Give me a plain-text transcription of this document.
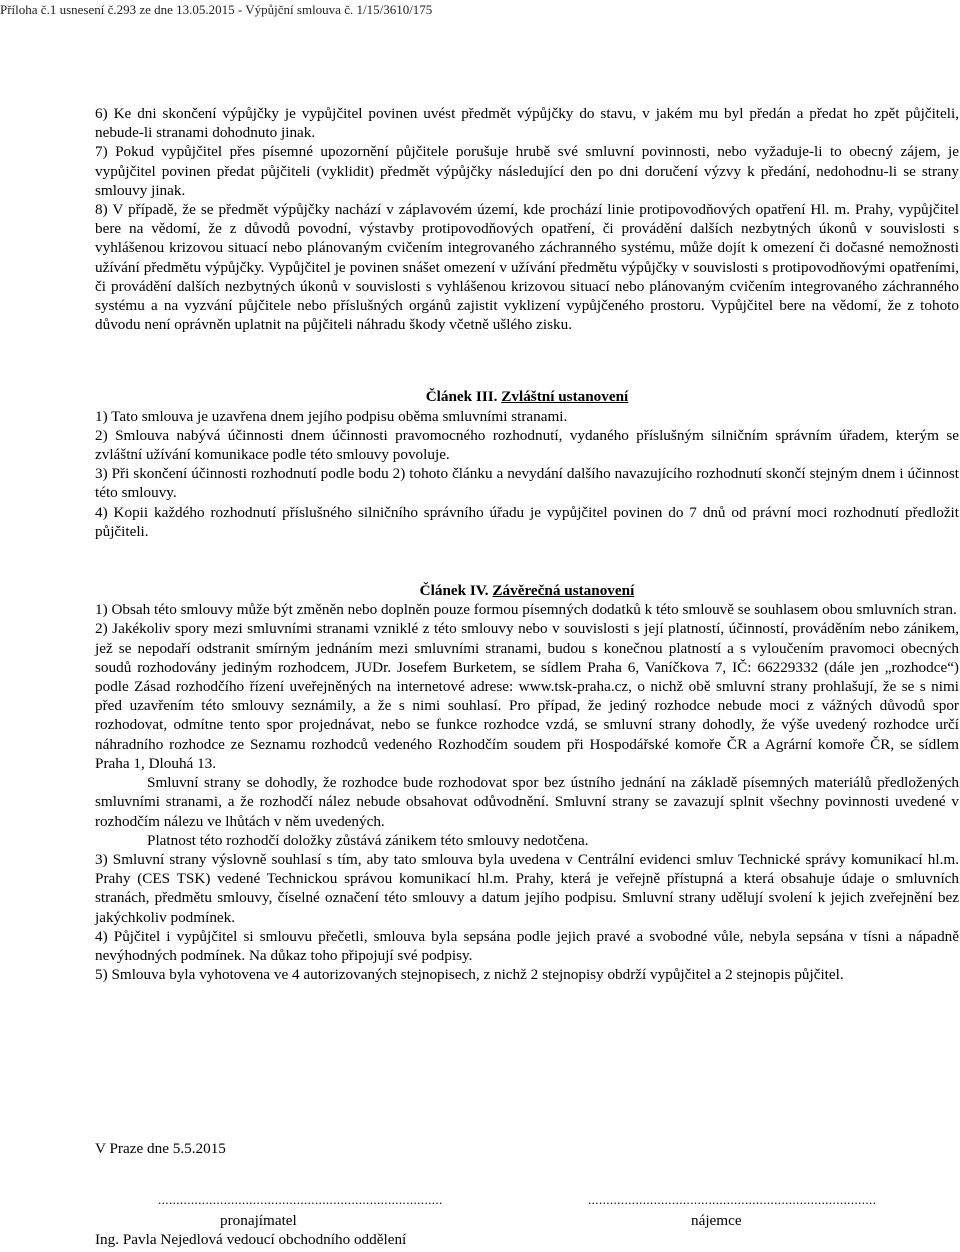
Příloha č.1 usnesení č.293 ze dne 13.05.2015 - Výpůjční smlouva č. 1/15/3610/175

6) Ke dni skončení výpůjčky je vypůjčitel povinen uvést předmět výpůjčky do stavu, v jakém mu byl předán a předat ho zpět půjčiteli, nebude-li stranami dohodnuto jinak.

7) Pokud vypůjčitel přes písemné upozornění půjčitele porušuje hrubě své smluvní povinnosti, nebo vyžaduje-li to obecný zájem, je vypůjčitel povinen předat půjčiteli (vyklidit) předmět výpůjčky následující den po dni doručení výzvy k předání, nedohodnu-li se strany smlouvy jinak.

8) V případě, že se předmět výpůjčky nachází v záplavovém území, kde prochází linie protipovodňových opatření Hl. m. Prahy, vypůjčitel bere na vědomí, že z důvodů povodní, výstavby protipovodňových opatření, či provádění dalších nezbytných úkonů v souvislosti s vyhlášenou krizovou situací nebo plánovaným cvičením integrovaného záchranného systému, může dojít k omezení či dočasné nemožnosti užívání předmětu výpůjčky. Vypůjčitel je povinen snášet omezení v užívání předmětu výpůjčky v souvislosti s protipovodňovými opatřeními, či provádění dalších nezbytných úkonů v souvislosti s vyhlášenou krizovou situací nebo plánovaným cvičením integrovaného záchranného systému a na vyzvání půjčitele nebo příslušných orgánů zajistit vyklizení vypůjčeného prostoru. Vypůjčitel bere na vědomí, že z tohoto důvodu není oprávněn uplatnit na půjčiteli náhradu škody včetně ušlého zisku.

Článek III. Zvláštní ustanovení

1) Tato smlouva je uzavřena dnem jejího podpisu oběma smluvními stranami.

2) Smlouva nabývá účinnosti dnem účinnosti pravomocného rozhodnutí, vydaného příslušným silničním správním úřadem, kterým se zvláštní užívání komunikace podle této smlouvy povoluje.

3) Při skončení účinnosti rozhodnutí podle bodu 2) tohoto článku a nevydání dalšího navazujícího rozhodnutí skončí stejným dnem i účinnost této smlouvy.

4) Kopii každého rozhodnutí příslušného silničního správního úřadu je vypůjčitel povinen do 7 dnů od právní moci rozhodnutí předložit půjčiteli.

Článek IV. Závěrečná ustanovení

1) Obsah této smlouvy může být změněn nebo doplněn pouze formou písemných dodatků k této smlouvě se souhlasem obou smluvních stran.

2) Jakékoliv spory mezi smluvními stranami vzniklé z této smlouvy nebo v souvislosti s její platností, účinností, prováděním nebo zánikem, jež se nepodaří odstranit smírným jednáním mezi smluvními stranami, budou s konečnou platností a s vyloučením pravomoci obecných soudů rozhodovány jediným rozhodcem, JUDr. Josefem Burketem, se sídlem Praha 6, Vaníčkova 7, IČ: 66229332 (dále jen „rozhodce“) podle Zásad rozhodčího řízení uveřejněných na internetové adrese: www.tsk-praha.cz, o nichž obě smluvní strany prohlašují, že se s nimi před uzavřením této smlouvy seznámily, a že s nimi souhlasí. Pro případ, že jediný rozhodce nebude moci z vážných důvodů spor rozhodovat, odmítne tento spor projednávat, nebo se funkce rozhodce vzdá, se smluvní strany dohodly, že výše uvedený rozhodce určí náhradního rozhodce ze Seznamu rozhodců vedeného Rozhodčím soudem při Hospodářské komoře ČR a Agrární komoře ČR, se sídlem Praha 1, Dlouhá 13.

Smluvní strany se dohodly, že rozhodce bude rozhodovat spor bez ústního jednání na základě písemných materiálů předložených smluvními stranami, a že rozhodčí nález nebude obsahovat odůvodnění. Smluvní strany se zavazují splnit všechny povinnosti uvedené v rozhodčím nálezu ve lhůtách v něm uvedených.

Platnost této rozhodčí doložky zůstává zánikem této smlouvy nedotčena.

3) Smluvní strany výslovně souhlasí s tím, aby tato smlouva byla uvedena v Centrální evidenci smluv Technické správy komunikací hl.m. Prahy (CES TSK) vedené Technickou správou komunikací hl.m. Prahy, která je veřejně přístupná a která obsahuje údaje o smluvních stranách, předmětu smlouvy, číselné označení této smlouvy a datum jejího podpisu. Smluvní strany udělují svolení k jejich zveřejnění bez jakýchkoliv podmínek.

4) Půjčitel i vypůjčitel si smlouvu přečetli, smlouva byla sepsána podle jejich pravé a svobodné vůle, nebyla sepsána v tísni a nápadně nevýhodných podmínek. Na důkaz toho připojují své podpisy.

5) Smlouva byla vyhotovena ve 4 autorizovaných stejnopisech, z nichž 2 stejnopisy obdrží vypůjčitel a 2 stejnopis půjčitel.

V Praze dne 5.5.2015
..............................................................................	...............................................................................
pronajímatel	nájemce
Ing. Pavla Nejedlová vedoucí obchodního oddělení
